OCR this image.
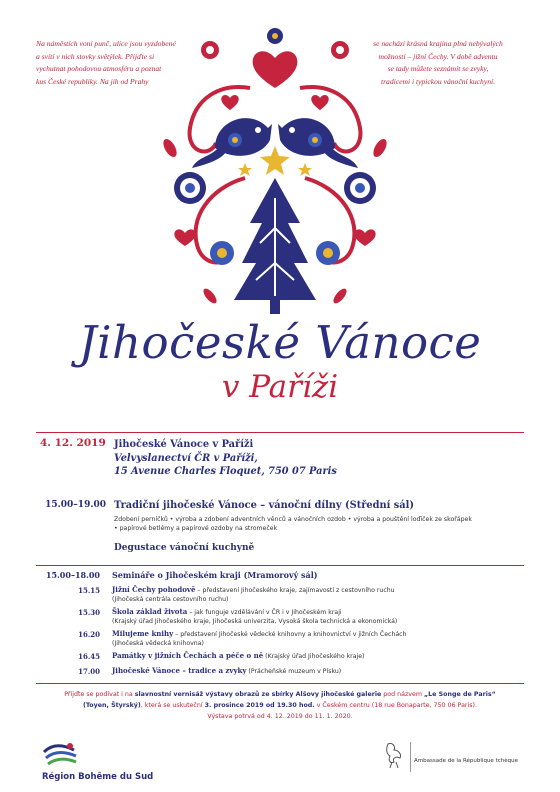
Na náměstích voní punč, ulice jsou vyzdobené
a svítí v nich stovky světýlek. Přijďte si
vychutnat pohodovou atmosféru a poznat
kus České republiky. Na jih od Prahy
se nachází krásná krajina plná nebývalých
možností – jižní Čechy. V době adventu
se tady můžete seznámit se zvyky,
tradicemi i typickou vánoční kuchyní.
Jihočeské Vánoce
v Paříži
4. 12. 2019 Jihočeské Vánoce v Paříži
Velvyslanectví ČR v Paříži,
15 Avenue Charles Floquet, 750 07 Paris
15.00–19.00 Tradiční jihočeské Vánoce – vánoční dílny (Střední sál)
Zdobení perníčků • výroba a zdobení adventních věnců a vánočních ozdob • výroba a pouštění loďiček ze skořápek
• papírové betlémy a papírové ozdoby na stromeček
Degustace vánoční kuchyně
15.00–18.00 Semináře o Jihočeském kraji (Mramorový sál)
15.15 Jižní Čechy pohodově – představení Jihočeského kraje, zajímavostí z cestovního ruchu
(Jihočeská centrála cestovního ruchu)
15.30 Škola základ života – jak funguje vzdělávání v ČR i v Jihočeském kraji
(Krajský úřad Jihočeského kraje, Jihočeská univerzita, Vysoká škola technická a ekonomická)
16.20 Milujeme knihy – představení Jihočeské vědecké knihovny a knihovnictví v jižních Čechách
(Jihočeská vědecká knihovna)
16.45 Památky v jižních Čechách a péče o ně (Krajský úřad Jihočeského kraje)
17.00 Jihočeské Vánoce – tradice a zvyky (Prácheňské muzeum v Písku)
Přijďte se podívat i na slavnostní vernisáž výstavy obrazů ze sbírky Alšovy jihočeské galerie pod názvem „Le Songe de Paris“
(Toyen, Štyrský), která se uskuteční 3. prosince 2019 od 19.30 hod. v Českém centru (18 rue Bonaparte, 750 06 Paris).
Výstava potrvá od 4. 12. 2019 do 11. 1. 2020.
Région Bohême du Sud
Ambassade de la République tchèque
